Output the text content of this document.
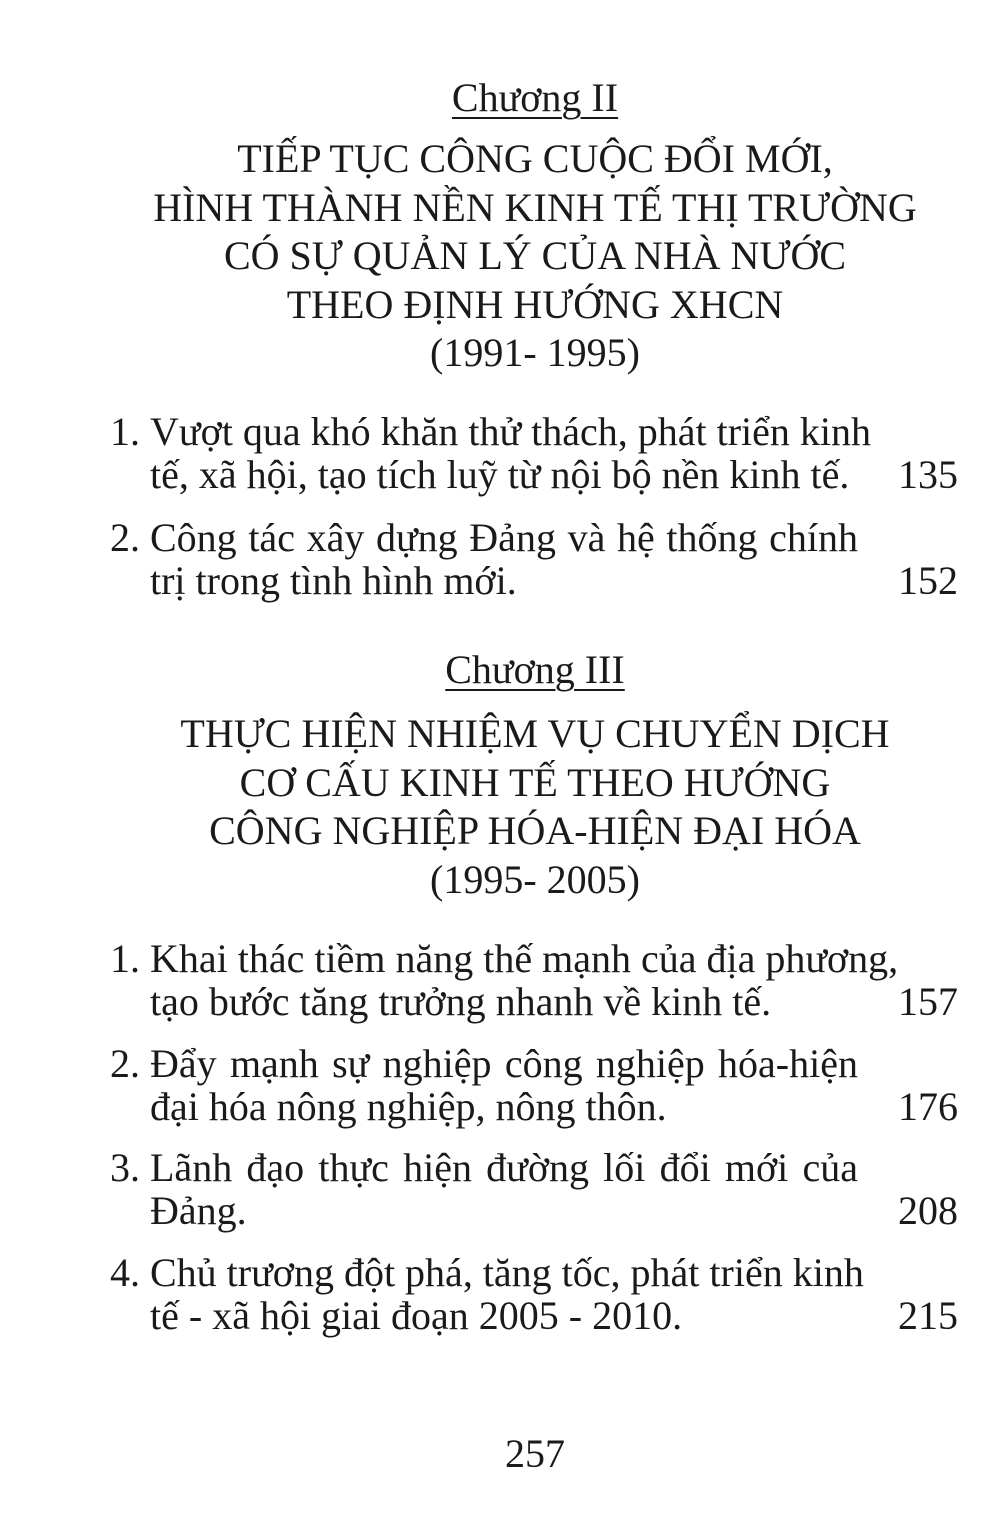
Chương II
TIẾP TỤC CÔNG CUỘC ĐỔI MỚI,
HÌNH THÀNH NỀN KINH TẾ THỊ TRƯỜNG
CÓ SỰ QUẢN LÝ CỦA NHÀ NƯỚC
THEO ĐỊNH HƯỚNG XHCN
(1991- 1995)
1. Vượt qua khó khăn thử thách, phát triển kinh
tế, xã hội, tạo tích luỹ từ nội bộ nền kinh tế. 135
2. Công tác xây dựng Đảng và hệ thống chính
trị trong tình hình mới.	152
Chương III
THỰC HIỆN NHIỆM VỤ CHUYỂN DỊCH
CƠ CẤU KINH TẾ THEO HƯỚNG
CÔNG NGHIỆP HÓA-HIỆN ĐẠI HÓA
(1995- 2005)
1. Khai thác tiềm năng thế mạnh của địa phương,
tạo bước tăng trưởng nhanh về kinh tế.	157
2. Đẩy mạnh sự nghiệp công nghiệp hóa-hiện
đại hóa nông nghiệp, nông thôn.	176
3. Lãnh đạo thực hiện đường lối đổi mới của
Đảng.	208
4. Chủ trương đột phá, tăng tốc, phát triển kinh
tế - xã hội giai đoạn 2005 - 2010.	215
257
